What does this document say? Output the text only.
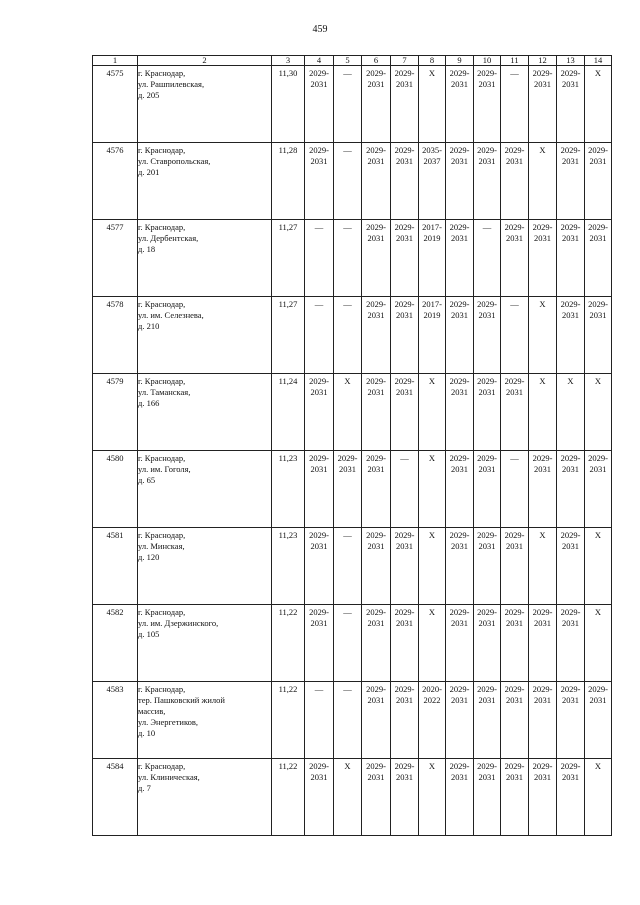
459
1	2	3	4	5	6	7	8	9	10	11	12	13	14
4575	г. Краснодар,
ул. Рашпилевская,
д. 205	11,30	2029-
2031	—	2029-
2031	2029-
2031	Х	2029-
2031	2029-
2031	—	2029-
2031	2029-
2031	Х
4576	г. Краснодар,
ул. Ставропольская,
д. 201	11,28	2029-
2031	—	2029-
2031	2029-
2031	2035-
2037	2029-
2031	2029-
2031	2029-
2031	Х	2029-
2031	2029-
2031
4577	г. Краснодар,
ул. Дербентская,
д. 18	11,27	—	—	2029-
2031	2029-
2031	2017-
2019	2029-
2031	—	2029-
2031	2029-
2031	2029-
2031	2029-
2031
4578	г. Краснодар,
ул. им. Селезнева,
д. 210	11,27	—	—	2029-
2031	2029-
2031	2017-
2019	2029-
2031	2029-
2031	—	Х	2029-
2031	2029-
2031
4579	г. Краснодар,
ул. Таманская,
д. 166	11,24	2029-
2031	Х	2029-
2031	2029-
2031	Х	2029-
2031	2029-
2031	2029-
2031	Х	Х	Х
4580	г. Краснодар,
ул. им. Гоголя,
д. 65	11,23	2029-
2031	2029-
2031	2029-
2031	—	Х	2029-
2031	2029-
2031	—	2029-
2031	2029-
2031	2029-
2031
4581	г. Краснодар,
ул. Минская,
д. 120	11,23	2029-
2031	—	2029-
2031	2029-
2031	Х	2029-
2031	2029-
2031	2029-
2031	Х	2029-
2031	Х
4582	г. Краснодар,
ул. им. Дзержинского,
д. 105	11,22	2029-
2031	—	2029-
2031	2029-
2031	Х	2029-
2031	2029-
2031	2029-
2031	2029-
2031	2029-
2031	Х
4583	г. Краснодар,
тер. Пашковский жилой
массив,
ул. Энергетиков,
д. 10	11,22	—	—	2029-
2031	2029-
2031	2020-
2022	2029-
2031	2029-
2031	2029-
2031	2029-
2031	2029-
2031	2029-
2031
4584	г. Краснодар,
ул. Клиническая,
д. 7	11,22	2029-
2031	Х	2029-
2031	2029-
2031	Х	2029-
2031	2029-
2031	2029-
2031	2029-
2031	2029-
2031	Х
